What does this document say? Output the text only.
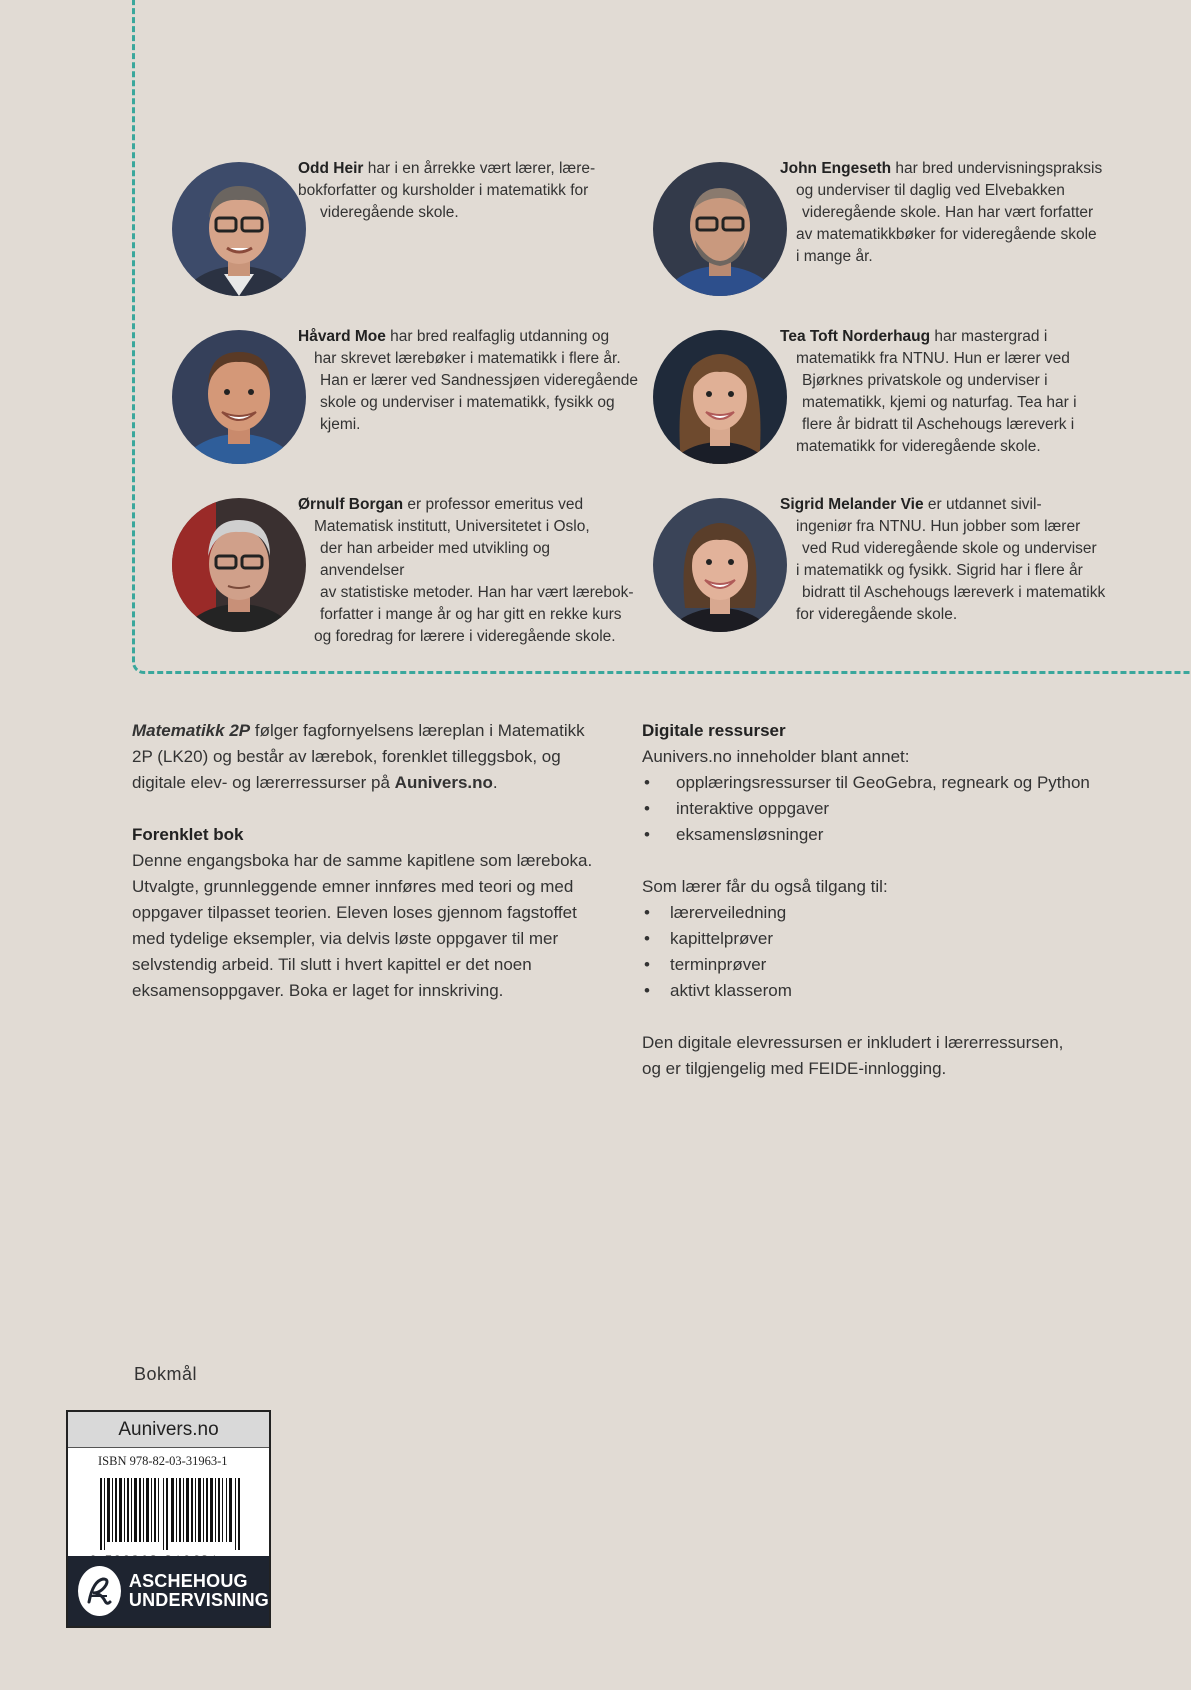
Odd Heir har i en årrekke vært lærer, lære-
bokforfatter og kursholder i matematikk for
videregående skole.
John Engeseth har bred undervisningspraksis
og underviser til daglig ved Elvebakken
videregående skole. Han har vært forfatter
av matematikkbøker for videregående skole
i mange år.
Håvard Moe har bred realfaglig utdanning og
har skrevet lærebøker i matematikk i flere år.
Han er lærer ved Sandnessjøen videregående
skole og underviser i matematikk, fysikk og
kjemi.
Tea Toft Norderhaug har mastergrad i
matematikk fra NTNU. Hun er lærer ved
Bjørknes privatskole og underviser i
matematikk, kjemi og naturfag. Tea har i
flere år bidratt til Aschehougs læreverk i
matematikk for videregående skole.
Ørnulf Borgan er professor emeritus ved
Matematisk institutt, Universitetet i Oslo,
der han arbeider med utvikling og anvendelser
av statistiske metoder. Han har vært lærebok-
forfatter i mange år og har gitt en rekke kurs
og foredrag for lærere i videregående skole.
Sigrid Melander Vie er utdannet sivil-
ingeniør fra NTNU. Hun jobber som lærer
ved Rud videregående skole og underviser
i matematikk og fysikk. Sigrid har i flere år
bidratt til Aschehougs læreverk i matematikk
for videregående skole.

Matematikk 2P følger fagfornyelsens læreplan i Matematikk
2P (LK20) og består av lærebok, forenklet tilleggsbok, og
digitale elev- og lærerressurser på Aunivers.no.

Forenklet bok

Denne engangsboka har de samme kapitlene som læreboka.
Utvalgte, grunnleggende emner innføres med teori og med
oppgaver tilpasset teorien. Eleven loses gjennom fagstoffet
med tydelige eksempler, via delvis løste oppgaver til mer
selvstendig arbeid. Til slutt i hvert kapittel er det noen
eksamensoppgaver. Boka er laget for innskriving.

Digitale ressurser
Aunivers.no inneholder blant annet:
• opplæringsressurser til GeoGebra, regneark og Python
• interaktive oppgaver
• eksamensløsninger
Som lærer får du også tilgang til:
• lærerveiledning
• kapittelprøver
• terminprøver
• aktivt klasserom
Den digitale elevressursen er inkludert i lærerressursen,
og er tilgjengelig med FEIDE-innlogging.
Bokmål
Aunivers.no
ISBN 978-82-03-31963-1
ASCHEHOUG
UNDERVISNING
